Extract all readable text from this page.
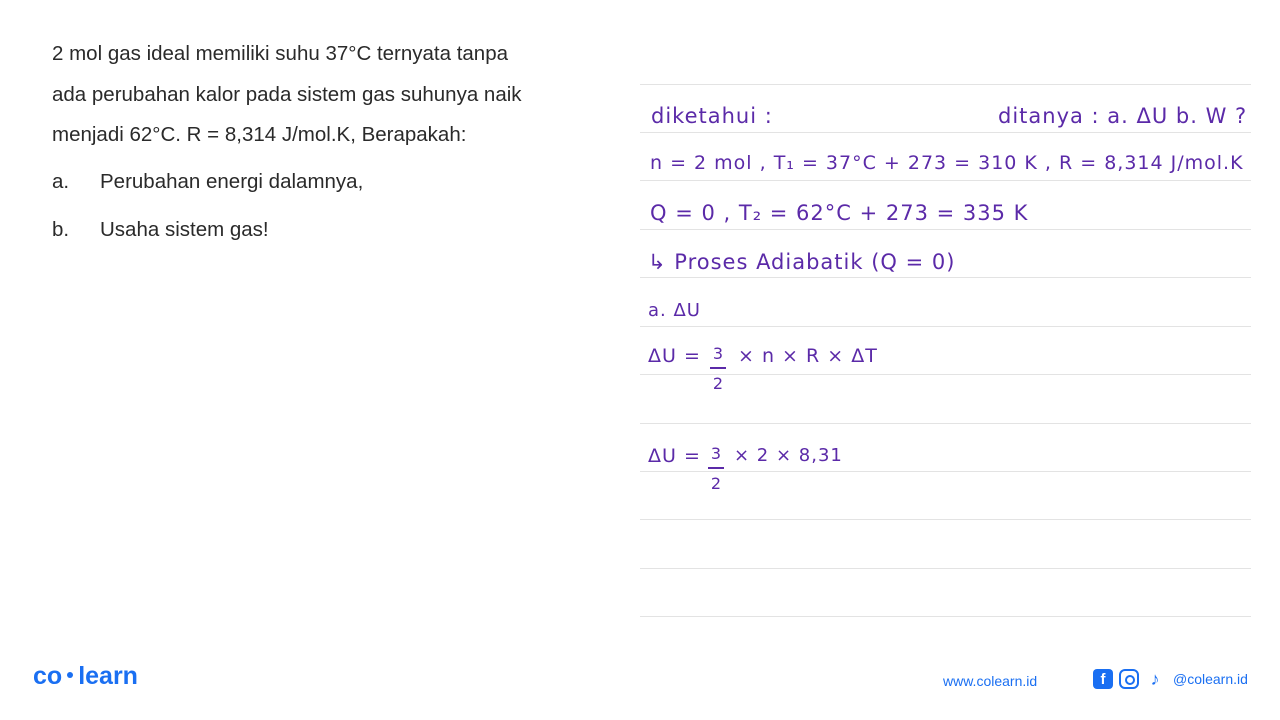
2 mol gas ideal memiliki suhu 37°C ternyata tanpa

ada perubahan kalor pada sistem gas suhunya naik

menjadi 62°C. R = 8,314 J/mol.K, Berapakah:

a. Perubahan energi dalamnya,
b. Usaha sistem gas!
diketahui :	ditanya : a. ΔU b. W ?
n = 2 mol , T₁ = 37°C + 273 = 310 K , R = 8,314 J/mol.K
Q = 0 , T₂ = 62°C + 273 = 335 K
↳ Proses Adiabatik (Q = 0)
a. ΔU
ΔU = 3
2
× n × R × ΔT
ΔU = 3
2
× 2 × 8,31
co learn	www.colearn.id	f	♪ @colearn.id
